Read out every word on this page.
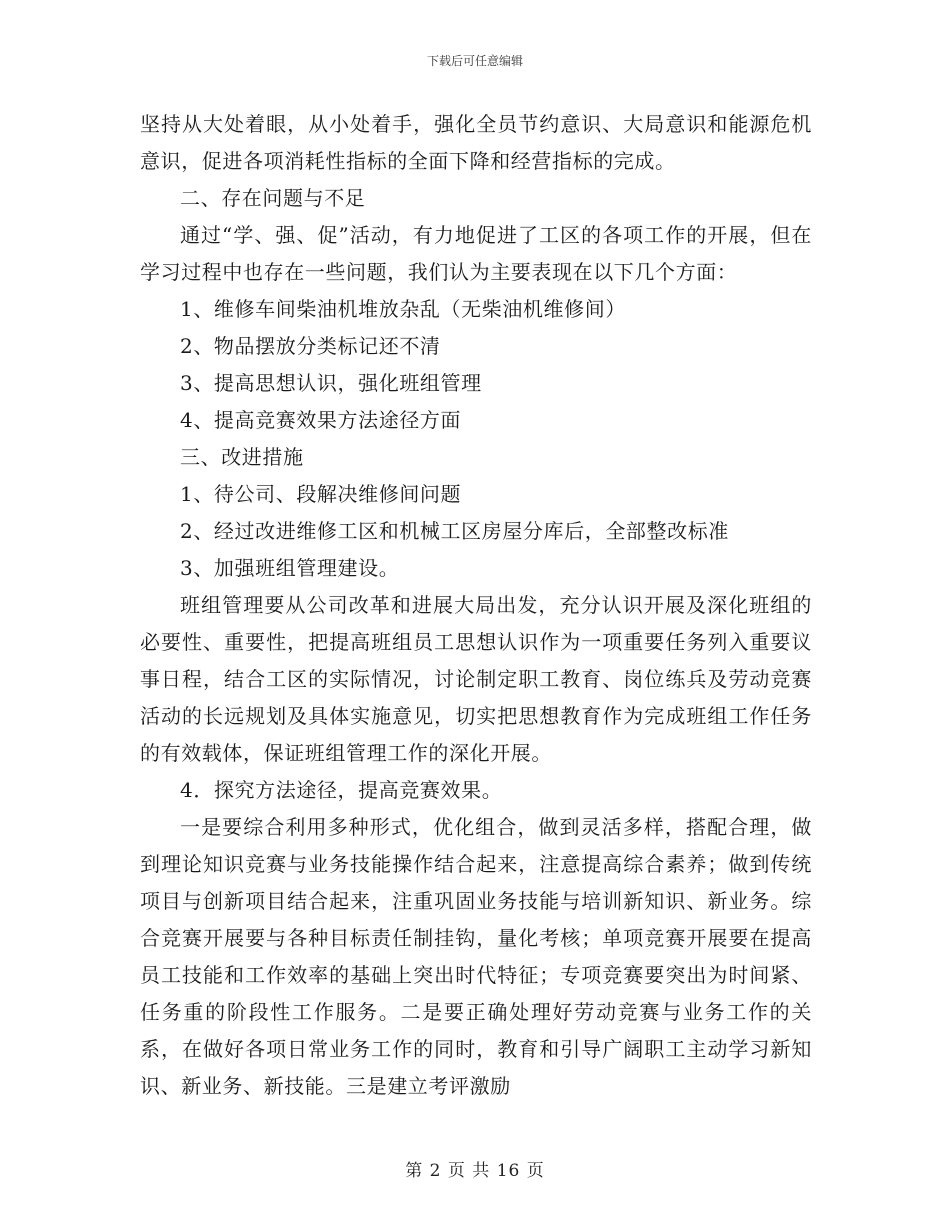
下载后可任意编辑

坚持从大处着眼，从小处着手，强化全员节约意识、大局意识和能源危机意识，促进各项消耗性指标的全面下降和经营指标的完成。

二、存在问题与不足

通过“学、强、促”活动，有力地促进了工区的各项工作的开展，但在学习过程中也存在一些问题，我们认为主要表现在以下几个方面：

1、维修车间柴油机堆放杂乱（无柴油机维修间）

2、物品摆放分类标记还不清

3、提高思想认识，强化班组管理

4、提高竞赛效果方法途径方面

三、改进措施

1、待公司、段解决维修间问题

2、经过改进维修工区和机械工区房屋分库后，全部整改标准

3、加强班组管理建设。

班组管理要从公司改革和进展大局出发，充分认识开展及深化班组的必要性、重要性，把提高班组员工思想认识作为一项重要任务列入重要议事日程，结合工区的实际情况，讨论制定职工教育、岗位练兵及劳动竞赛活动的长远规划及具体实施意见，切实把思想教育作为完成班组工作任务的有效载体，保证班组管理工作的深化开展。

4．探究方法途径，提高竞赛效果。

一是要综合利用多种形式，优化组合，做到灵活多样，搭配合理，做到理论知识竞赛与业务技能操作结合起来，注意提高综合素养；做到传统项目与创新项目结合起来，注重巩固业务技能与培训新知识、新业务。综合竞赛开展要与各种目标责任制挂钩，量化考核；单项竞赛开展要在提高员工技能和工作效率的基础上突出时代特征；专项竞赛要突出为时间紧、任务重的阶段性工作服务。二是要正确处理好劳动竞赛与业务工作的关系，在做好各项日常业务工作的同时，教育和引导广阔职工主动学习新知识、新业务、新技能。三是建立考评激励

第 2 页 共 16 页
